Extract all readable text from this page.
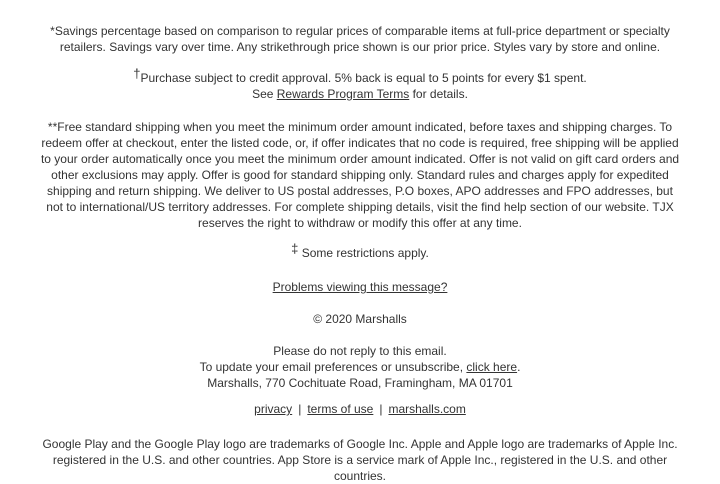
*Savings percentage based on comparison to regular prices of comparable items at full-price department or specialty retailers. Savings vary over time. Any strikethrough price shown is our prior price. Styles vary by store and online.

†Purchase subject to credit approval. 5% back is equal to 5 points for every $1 spent.
See Rewards Program Terms for details.

**Free standard shipping when you meet the minimum order amount indicated, before taxes and shipping charges. To redeem offer at checkout, enter the listed code, or, if offer indicates that no code is required, free shipping will be applied to your order automatically once you meet the minimum order amount indicated. Offer is not valid on gift card orders and other exclusions may apply. Offer is good for standard shipping only. Standard rules and charges apply for expedited shipping and return shipping. We deliver to US postal addresses, P.O boxes, APO addresses and FPO addresses, but not to international/US territory addresses. For complete shipping details, visit the find help section of our website. TJX reserves the right to withdraw or modify this offer at any time.

‡ Some restrictions apply.
Problems viewing this message?
© 2020 Marshalls
Please do not reply to this email.
To update your email preferences or unsubscribe, click here.
Marshalls, 770 Cochituate Road, Framingham, MA 01701
privacy | terms of use | marshalls.com

Google Play and the Google Play logo are trademarks of Google Inc. Apple and Apple logo are trademarks of Apple Inc. registered in the U.S. and other countries. App Store is a service mark of Apple Inc., registered in the U.S. and other countries.
